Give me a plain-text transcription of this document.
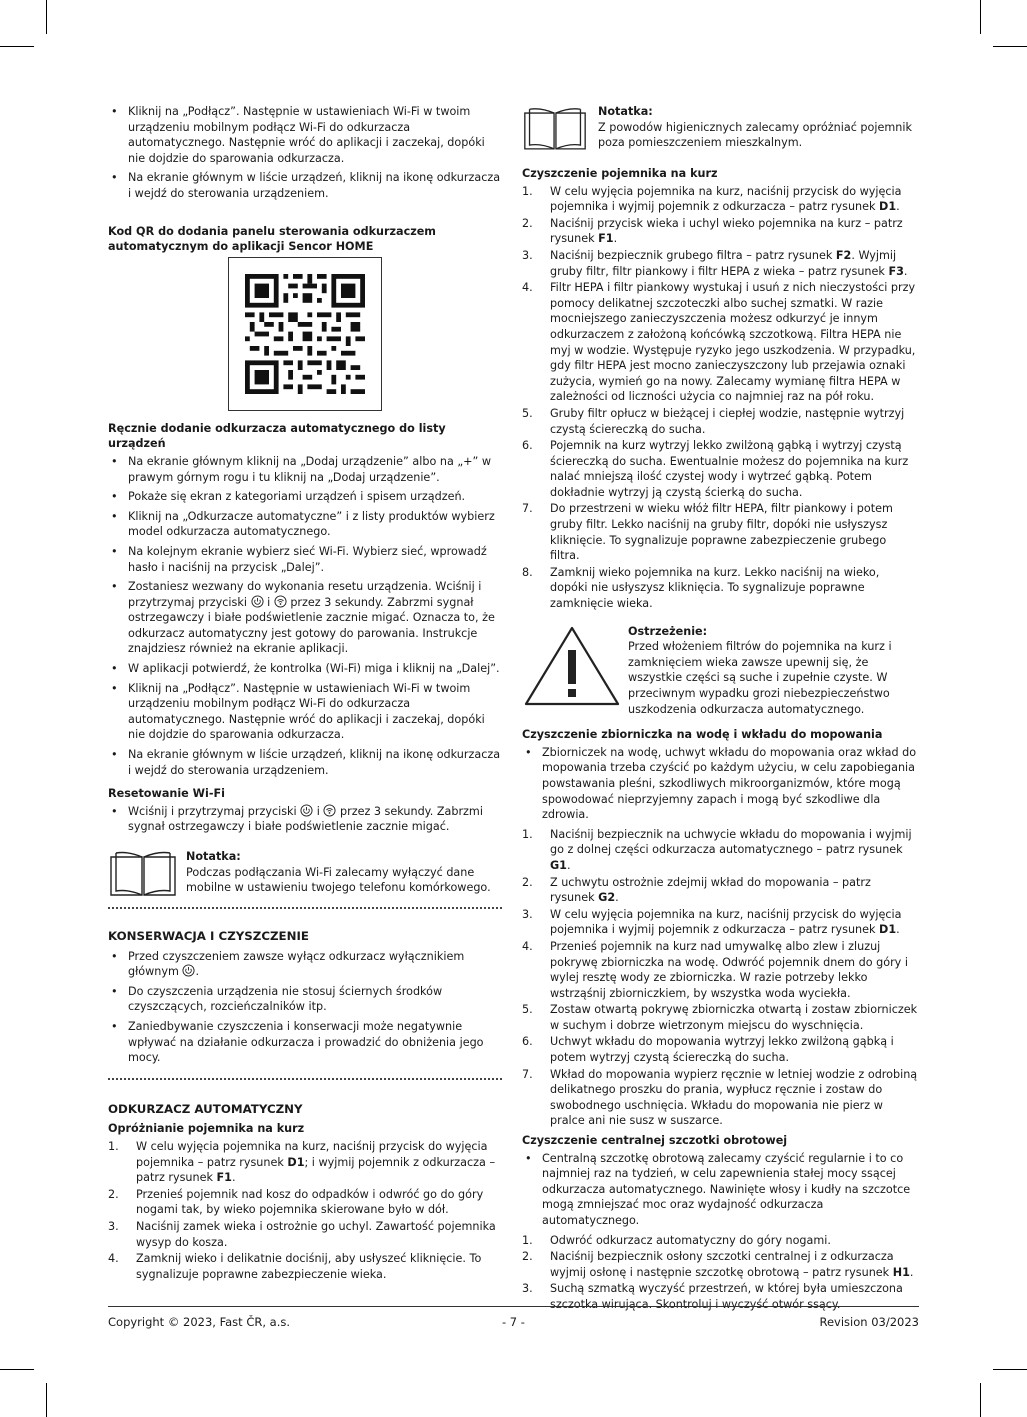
• Kliknij na „Podłącz”. Następnie w ustawieniach Wi-Fi w twoim urządzeniu mobilnym podłącz Wi-Fi do odkurzacza automatycznego. Następnie wróć do aplikacji i zaczekaj, dopóki nie dojdzie do sparowania odkurzacza.
• Na ekranie głównym w liście urządzeń, kliknij na ikonę odkurzacza i wejdź do sterowania urządzeniem.

Kod QR do dodania panelu sterowania odkurzaczem automatycznym do aplikacji Sencor HOME

Ręcznie dodanie odkurzacza automatycznego do listy urządzeń

• Na ekranie głównym kliknij na „Dodaj urządzenie” albo na „+” w prawym górnym rogu i tu kliknij na „Dodaj urządzenie”.
• Pokaże się ekran z kategoriami urządzeń i spisem urządzeń.
• Kliknij na „Odkurzacze automatyczne” i z listy produktów wybierz model odkurzacza automatycznego.
• Na kolejnym ekranie wybierz sieć Wi-Fi. Wybierz sieć, wprowadź hasło i naciśnij na przycisk „Dalej”.
• Zostaniesz wezwany do wykonania resetu urządzenia. Wciśnij i przytrzymaj przyciski i przez 3 sekundy. Zabrzmi sygnał ostrzegawczy i białe podświetlenie zacznie migać. Oznacza to, że odkurzacz automatyczny jest gotowy do parowania. Instrukcje znajdziesz również na ekranie aplikacji.
• W aplikacji potwierdź, że kontrolka (Wi-Fi) miga i kliknij na „Dalej”.
• Kliknij na „Podłącz”. Następnie w ustawieniach Wi-Fi w twoim urządzeniu mobilnym podłącz Wi-Fi do odkurzacza automatycznego. Następnie wróć do aplikacji i zaczekaj, dopóki nie dojdzie do sparowania odkurzacza.
• Na ekranie głównym w liście urządzeń, kliknij na ikonę odkurzacza i wejdź do sterowania urządzeniem.

Resetowanie Wi-Fi

• Wciśnij i przytrzymaj przyciski i przez 3 sekundy. Zabrzmi sygnał ostrzegawczy i białe podświetlenie zacznie migać.

Notatka:

Podczas podłączania Wi-Fi zalecamy wyłączyć dane mobilne w ustawieniu twojego telefonu komórkowego.

KONSERWACJA I CZYSZCZENIE

• Przed czyszczeniem zawsze wyłącz odkurzacz wyłącznikiem głównym .
• Do czyszczenia urządzenia nie stosuj ściernych środków czyszczących, rozcieńczalników itp.
• Zaniedbywanie czyszczenia i konserwacji może negatywnie wpływać na działanie odkurzacza i prowadzić do obniżenia jego mocy.

ODKURZACZ AUTOMATYCZNY

Opróżnianie pojemnika na kurz

1. W celu wyjęcia pojemnika na kurz, naciśnij przycisk do wyjęcia pojemnika – patrz rysunek D1; i wyjmij pojemnik z odkurzacza – patrz rysunek F1.
2. Przenieś pojemnik nad kosz do odpadków i odwróć go do góry nogami tak, by wieko pojemnika skierowane było w dół.
3. Naciśnij zamek wieka i ostrożnie go uchyl. Zawartość pojemnika wysyp do kosza.
4. Zamknij wieko i delikatnie dociśnij, aby usłyszeć kliknięcie. To sygnalizuje poprawne zabezpieczenie wieka.

Notatka:

Z powodów higienicznych zalecamy opróżniać pojemnik poza pomieszczeniem mieszkalnym.

Czyszczenie pojemnika na kurz

1. W celu wyjęcia pojemnika na kurz, naciśnij przycisk do wyjęcia pojemnika i wyjmij pojemnik z odkurzacza – patrz rysunek D1.
2. Naciśnij przycisk wieka i uchyl wieko pojemnika na kurz – patrz rysunek F1.
3. Naciśnij bezpiecznik grubego filtra – patrz rysunek F2. Wyjmij gruby filtr, filtr piankowy i filtr HEPA z wieka – patrz rysunek F3.
4. Filtr HEPA i filtr piankowy wystukaj i usuń z nich nieczystości przy pomocy delikatnej szczoteczki albo suchej szmatki. W razie mocniejszego zanieczyszczenia możesz odkurzyć je innym odkurzaczem z założoną końcówką szczotkową. Filtra HEPA nie myj w wodzie. Występuje ryzyko jego uszkodzenia. W przypadku, gdy filtr HEPA jest mocno zanieczyszczony lub przejawia oznaki zużycia, wymień go na nowy. Zalecamy wymianę filtra HEPA w zależności od liczności użycia co najmniej raz na pół roku.
5. Gruby filtr opłucz w bieżącej i ciepłej wodzie, następnie wytrzyj czystą ściereczką do sucha.
6. Pojemnik na kurz wytrzyj lekko zwilżoną gąbką i wytrzyj czystą ściereczką do sucha. Ewentualnie możesz do pojemnika na kurz nalać mniejszą ilość czystej wody i wytrzeć gąbką. Potem dokładnie wytrzyj ją czystą ścierką do sucha.
7. Do przestrzeni w wieku włóż filtr HEPA, filtr piankowy i potem gruby filtr. Lekko naciśnij na gruby filtr, dopóki nie usłyszysz kliknięcie. To sygnalizuje poprawne zabezpieczenie grubego filtra.
8. Zamknij wieko pojemnika na kurz. Lekko naciśnij na wieko, dopóki nie usłyszysz kliknięcia. To sygnalizuje poprawne zamknięcie wieka.

Ostrzeżenie:

Przed włożeniem filtrów do pojemnika na kurz i zamknięciem wieka zawsze upewnij się, że wszystkie części są suche i zupełnie czyste. W przeciwnym wypadku grozi niebezpieczeństwo uszkodzenia odkurzacza automatycznego.

Czyszczenie zbiorniczka na wodę i wkładu do mopowania

• Zbiorniczek na wodę, uchwyt wkładu do mopowania oraz wkład do mopowania trzeba czyścić po każdym użyciu, w celu zapobiegania powstawania pleśni, szkodliwych mikroorganizmów, które mogą spowodować nieprzyjemny zapach i mogą być szkodliwe dla zdrowia.
1. Naciśnij bezpiecznik na uchwycie wkładu do mopowania i wyjmij go z dolnej części odkurzacza automatycznego – patrz rysunek G1.
2. Z uchwytu ostrożnie zdejmij wkład do mopowania – patrz rysunek G2.
3. W celu wyjęcia pojemnika na kurz, naciśnij przycisk do wyjęcia pojemnika i wyjmij pojemnik z odkurzacza – patrz rysunek D1.
4. Przenieś pojemnik na kurz nad umywalkę albo zlew i zluzuj pokrywę zbiorniczka na wodę. Odwróć pojemnik dnem do góry i wylej resztę wody ze zbiorniczka. W razie potrzeby lekko wstrząśnij zbiorniczkiem, by wszystka woda wyciekła.
5. Zostaw otwartą pokrywę zbiorniczka otwartą i zostaw zbiorniczek w suchym i dobrze wietrzonym miejscu do wyschnięcia.
6. Uchwyt wkładu do mopowania wytrzyj lekko zwilżoną gąbką i potem wytrzyj czystą ściereczką do sucha.
7. Wkład do mopowania wypierz ręcznie w letniej wodzie z odrobiną delikatnego proszku do prania, wypłucz ręcznie i zostaw do swobodnego uschnięcia. Wkładu do mopowania nie pierz w pralce ani nie susz w suszarce.

Czyszczenie centralnej szczotki obrotowej

• Centralną szczotkę obrotową zalecamy czyścić regularnie i to co najmniej raz na tydzień, w celu zapewnienia stałej mocy ssącej odkurzacza automatycznego. Nawinięte włosy i kudły na szczotce mogą zmniejszać moc oraz wydajność odkurzacza automatycznego.
1. Odwróć odkurzacz automatyczny do góry nogami.
2. Naciśnij bezpiecznik osłony szczotki centralnej i z odkurzacza wyjmij osłonę i następnie szczotkę obrotową – patrz rysunek H1.
3. Suchą szmatką wyczyść przestrzeń, w której była umieszczona szczotka wirująca. Skontroluj i wyczyść otwór ssący.
Copyright © 2023, Fast ČR, a.s.	- 7 -	Revision 03/2023
